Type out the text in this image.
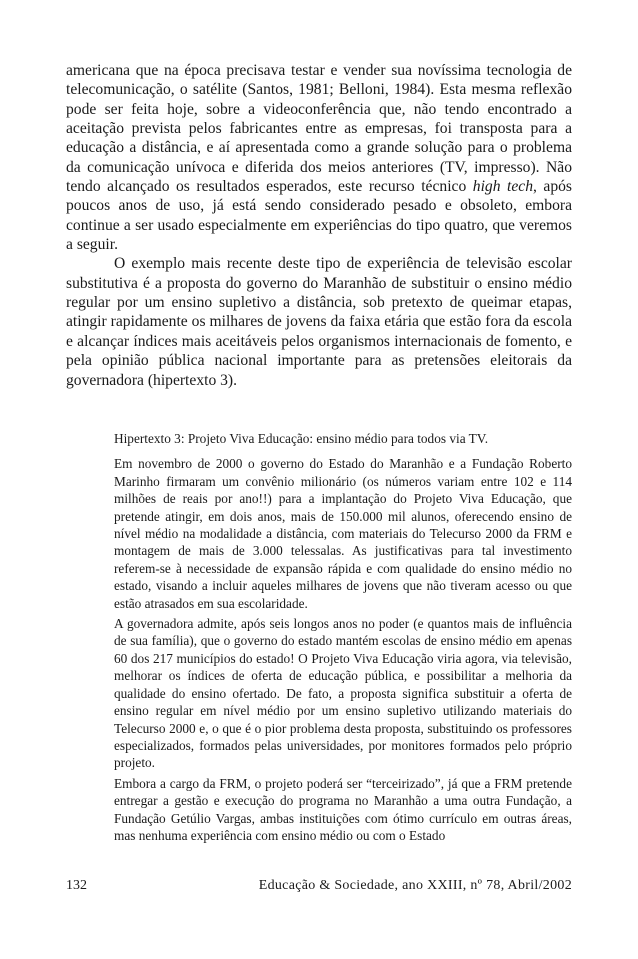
americana que na época precisava testar e vender sua novíssima tecnologia de telecomunicação, o satélite (Santos, 1981; Belloni, 1984). Esta mesma reflexão pode ser feita hoje, sobre a videoconferência que, não tendo encontrado a aceitação prevista pelos fabricantes entre as empresas, foi transposta para a educação a distância, e aí apresentada como a grande solução para o problema da comunicação unívoca e diferida dos meios anteriores (TV, impresso). Não tendo alcançado os resultados esperados, este recurso técnico high tech, após poucos anos de uso, já está sendo considerado pesado e obsoleto, embora continue a ser usado especialmente em experiências do tipo quatro, que veremos a seguir.

O exemplo mais recente deste tipo de experiência de televisão escolar substitutiva é a proposta do governo do Maranhão de substituir o ensino médio regular por um ensino supletivo a distância, sob pretexto de queimar etapas, atingir rapidamente os milhares de jovens da faixa etária que estão fora da escola e alcançar índices mais aceitáveis pelos organismos internacionais de fomento, e pela opinião pública nacional importante para as pretensões eleitorais da governadora (hipertexto 3).

Hipertexto 3: Projeto Viva Educação: ensino médio para todos via TV.

Em novembro de 2000 o governo do Estado do Maranhão e a Fundação Roberto Marinho firmaram um convênio milionário (os números variam entre 102 e 114 milhões de reais por ano!!) para a implantação do Projeto Viva Educação, que pretende atingir, em dois anos, mais de 150.000 mil alunos, oferecendo ensino de nível médio na modalidade a distância, com materiais do Telecurso 2000 da FRM e montagem de mais de 3.000 telessalas. As justificativas para tal investimento referem-se à necessidade de expansão rápida e com qualidade do ensino médio no estado, visando a incluir aqueles milhares de jovens que não tiveram acesso ou que estão atrasados em sua escolaridade.

A governadora admite, após seis longos anos no poder (e quantos mais de influência de sua família), que o governo do estado mantém escolas de ensino médio em apenas 60 dos 217 municípios do estado! O Projeto Viva Educação viria agora, via televisão, melhorar os índices de oferta de educação pública, e possibilitar a melhoria da qualidade do ensino ofertado. De fato, a proposta significa substituir a oferta de ensino regular em nível médio por um ensino supletivo utilizando materiais do Telecurso 2000 e, o que é o pior problema desta proposta, substituindo os professores especializados, formados pelas universidades, por monitores formados pelo próprio projeto.

Embora a cargo da FRM, o projeto poderá ser “terceirizado”, já que a FRM pretende entregar a gestão e execução do programa no Maranhão a uma outra Fundação, a Fundação Getúlio Vargas, ambas instituições com ótimo currículo em outras áreas, mas nenhuma experiência com ensino médio ou com o Estado

132	Educação & Sociedade, ano XXIII, nº 78, Abril/2002
